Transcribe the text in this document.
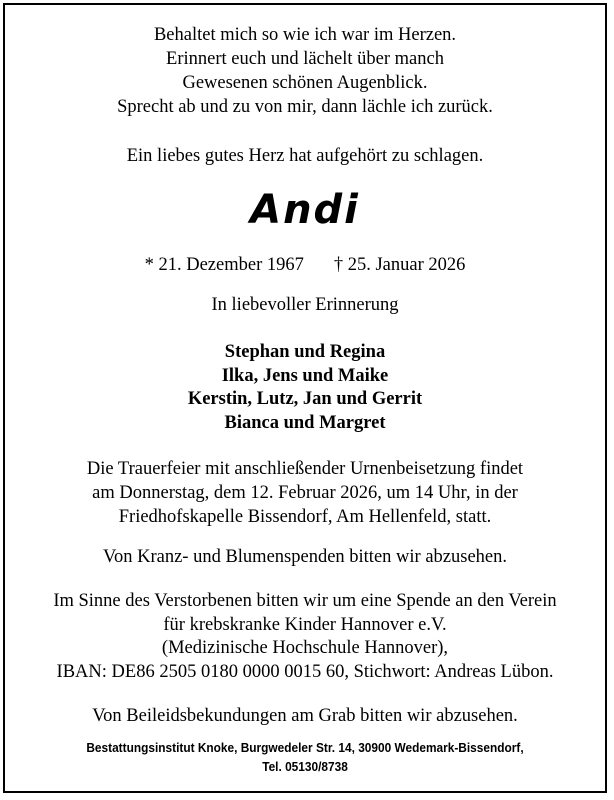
Behaltet mich so wie ich war im Herzen.
Erinnert euch und lächelt über manch
Gewesenen schönen Augenblick.
Sprecht ab und zu von mir, dann lächle ich zurück.
Ein liebes gutes Herz hat aufgehört zu schlagen.
Andi
* 21. Dezember 1967 † 25. Januar 2026
In liebevoller Erinnerung
Stephan und Regina
Ilka, Jens und Maike
Kerstin, Lutz, Jan und Gerrit
Bianca und Margret
Die Trauerfeier mit anschließender Urnenbeisetzung findet
am Donnerstag, dem 12. Februar 2026, um 14 Uhr, in der
Friedhofskapelle Bissendorf, Am Hellenfeld, statt.
Von Kranz- und Blumenspenden bitten wir abzusehen.
Im Sinne des Verstorbenen bitten wir um eine Spende an den Verein
für krebskranke Kinder Hannover e.V.
(Medizinische Hochschule Hannover),
IBAN: DE86 2505 0180 0000 0015 60, Stichwort: Andreas Lübon.
Von Beileidsbekundungen am Grab bitten wir abzusehen.
Bestattungsinstitut Knoke, Burgwedeler Str. 14, 30900 Wedemark-Bissendorf,
Tel. 05130/8738
